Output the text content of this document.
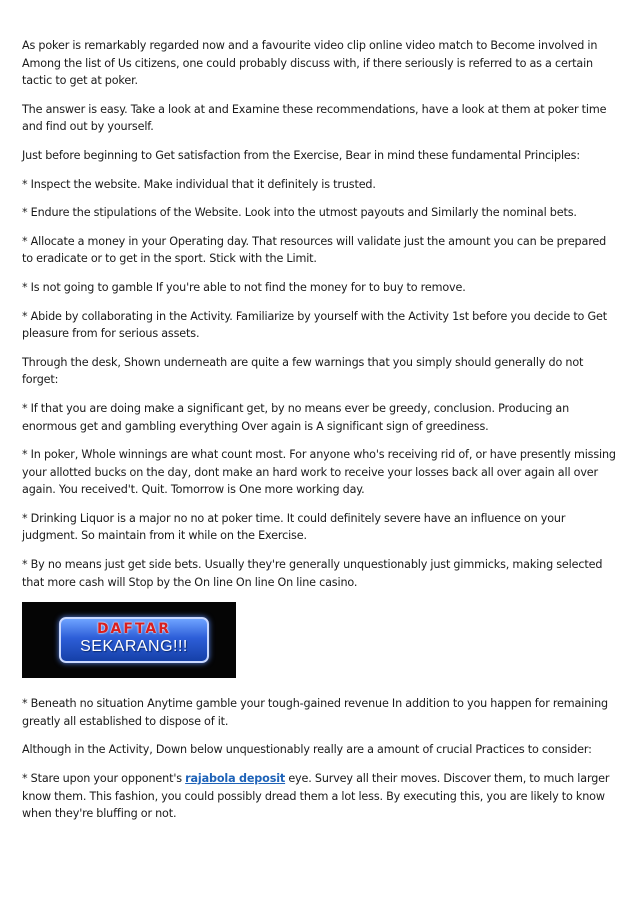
As poker is remarkably regarded now and a favourite video clip online video match to Become involved in Among the list of Us citizens, one could probably discuss with, if there seriously is referred to as a certain tactic to get at poker.

The answer is easy. Take a look at and Examine these recommendations, have a look at them at poker time and find out by yourself.

Just before beginning to Get satisfaction from the Exercise, Bear in mind these fundamental Principles:

* Inspect the website. Make individual that it definitely is trusted.

* Endure the stipulations of the Website. Look into the utmost payouts and Similarly the nominal bets.

* Allocate a money in your Operating day. That resources will validate just the amount you can be prepared to eradicate or to get in the sport. Stick with the Limit.

* Is not going to gamble If you're able to not find the money for to buy to remove.

* Abide by collaborating in the Activity. Familiarize by yourself with the Activity 1st before you decide to Get pleasure from for serious assets.

Through the desk, Shown underneath are quite a few warnings that you simply should generally do not forget:

* If that you are doing make a significant get, by no means ever be greedy, conclusion. Producing an enormous get and gambling everything Over again is A significant sign of greediness.

* In poker, Whole winnings are what count most. For anyone who's receiving rid of, or have presently missing your allotted bucks on the day, dont make an hard work to receive your losses back all over again all over again. You received't. Quit. Tomorrow is One more working day.

* Drinking Liquor is a major no no at poker time. It could definitely severe have an influence on your judgment. So maintain from it while on the Exercise.

* By no means just get side bets. Usually they're generally unquestionably just gimmicks, making selected that more cash will Stop by the On line On line On line casino.

DAFTAR
SEKARANG!!!

* Beneath no situation Anytime gamble your tough-gained revenue In addition to you happen for remaining greatly all established to dispose of it.

Although in the Activity, Down below unquestionably really are a amount of crucial Practices to consider:

* Stare upon your opponent's rajabola deposit eye. Survey all their moves. Discover them, to much larger know them. This fashion, you could possibly dread them a lot less. By executing this, you are likely to know when they're bluffing or not.
